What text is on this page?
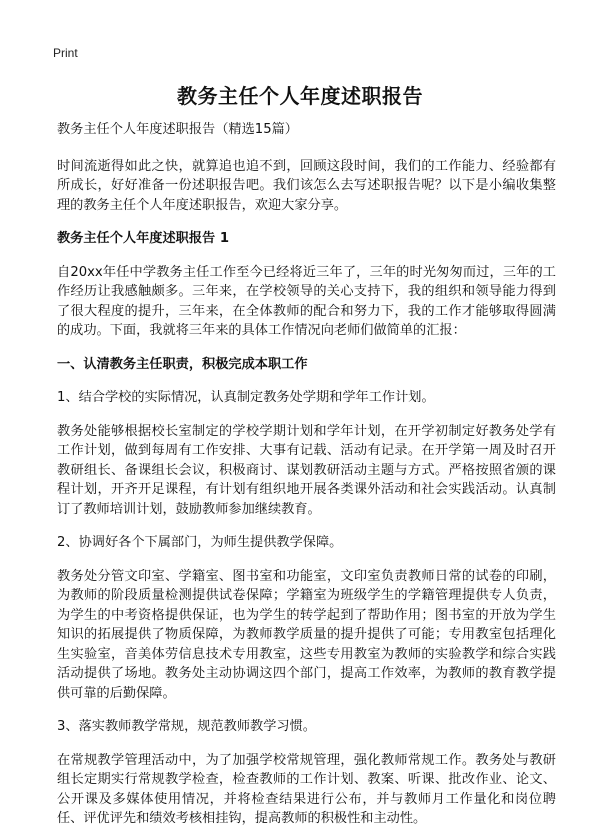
Print
教务主任个人年度述职报告

教务主任个人年度述职报告（精选15篇）

时间流逝得如此之快，就算追也追不到，回顾这段时间，我们的工作能力、经验都有所成长，好好准备一份述职报告吧。我们该怎么去写述职报告呢？以下是小编收集整理的教务主任个人年度述职报告，欢迎大家分享。

教务主任个人年度述职报告 1

自20xx年任中学教务主任工作至今已经将近三年了，三年的时光匆匆而过，三年的工作经历让我感触颇多。三年来，在学校领导的关心支持下，我的组织和领导能力得到了很大程度的提升，三年来，在全体教师的配合和努力下，我的工作才能够取得圆满的成功。下面，我就将三年来的具体工作情况向老师们做简单的汇报：

一、认清教务主任职责，积极完成本职工作

1、结合学校的实际情况，认真制定教务处学期和学年工作计划。

教务处能够根据校长室制定的学校学期计划和学年计划，在开学初制定好教务处学有工作计划，做到每周有工作安排、大事有记载、活动有记录。在开学第一周及时召开教研组长、备课组长会议，积极商讨、谋划教研活动主题与方式。严格按照省颁的课程计划，开齐开足课程，有计划有组织地开展各类课外活动和社会实践活动。认真制订了教师培训计划，鼓励教师参加继续教育。

2、协调好各个下属部门，为师生提供教学保障。

教务处分管文印室、学籍室、图书室和功能室，文印室负责教师日常的试卷的印刷，为教师的阶段质量检测提供试卷保障；学籍室为班级学生的学籍管理提供专人负责，为学生的中考资格提供保证，也为学生的转学起到了帮助作用；图书室的开放为学生知识的拓展提供了物质保障，为教师教学质量的提升提供了可能；专用教室包括理化生实验室，音美体劳信息技术专用教室，这些专用教室为教师的实验教学和综合实践活动提供了场地。教务处主动协调这四个部门，提高工作效率，为教师的教育教学提供可靠的后勤保障。

3、落实教师教学常规，规范教师教学习惯。

在常规教学管理活动中，为了加强学校常规管理，强化教师常规工作。教务处与教研组长定期实行常规教学检查，检查教师的工作计划、教案、听课、批改作业、论文、公开课及多媒体使用情况，并将检查结果进行公布，并与教师月工作量化和岗位聘任、评优评先和绩效考核相挂钩，提高教师的积极性和主动性。
